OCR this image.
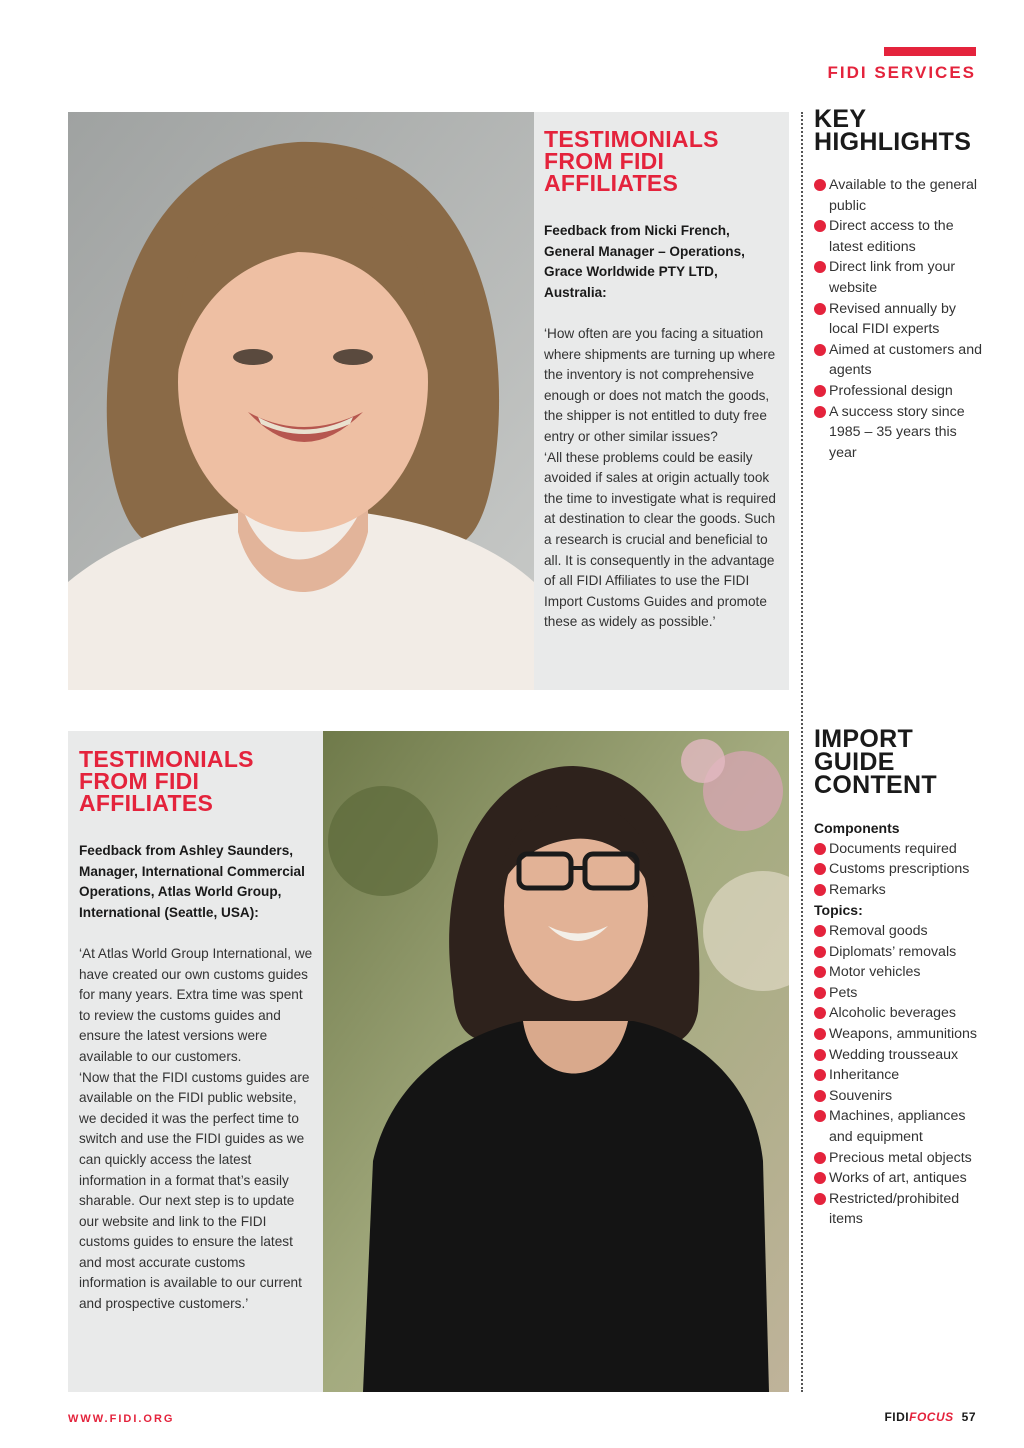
FIDI SERVICES
TESTIMONIALS FROM FIDI AFFILIATES
Feedback from Nicki French, General Manager – Operations, Grace Worldwide PTY LTD, Australia:

‘How often are you facing a situation where shipments are turning up where the inventory is not comprehensive enough or does not match the goods, the shipper is not entitled to duty free entry or other similar issues?

‘All these problems could be easily avoided if sales at origin actually took the time to investigate what is required at destination to clear the goods. Such a research is crucial and beneficial to all. It is consequently in the advantage of all FIDI Affiliates to use the FIDI Import Customs Guides and promote these as widely as possible.’

TESTIMONIALS FROM FIDI AFFILIATES
Feedback from Ashley Saunders, Manager, International Commercial Operations, Atlas World Group, International (Seattle, USA):

‘At Atlas World Group International, we have created our own customs guides for many years. Extra time was spent to review the customs guides and ensure the latest versions were available to our customers.

‘Now that the FIDI customs guides are available on the FIDI public website, we decided it was the perfect time to switch and use the FIDI guides as we can quickly access the latest information in a format that’s easily sharable. Our next step is to update our website and link to the FIDI customs guides to ensure the latest and most accurate customs information is available to our current and prospective customers.’

KEY HIGHLIGHTS
Available to the general public
Direct access to the latest editions
Direct link from your website
Revised annually by local FIDI experts
Aimed at customers and agents
Professional design
A success story since 1985 – 35 years this year
IMPORT GUIDE CONTENT
Components
Documents required
Customs prescriptions
Remarks
Topics:
Removal goods
Diplomats’ removals
Motor vehicles
Pets
Alcoholic beverages
Weapons, ammunitions
Wedding trousseaux
Inheritance
Souvenirs
Machines, appliances and equipment
Precious metal objects
Works of art, antiques
Restricted/prohibited items
WWW.FIDI.ORG	FIDI FOCUS 57
